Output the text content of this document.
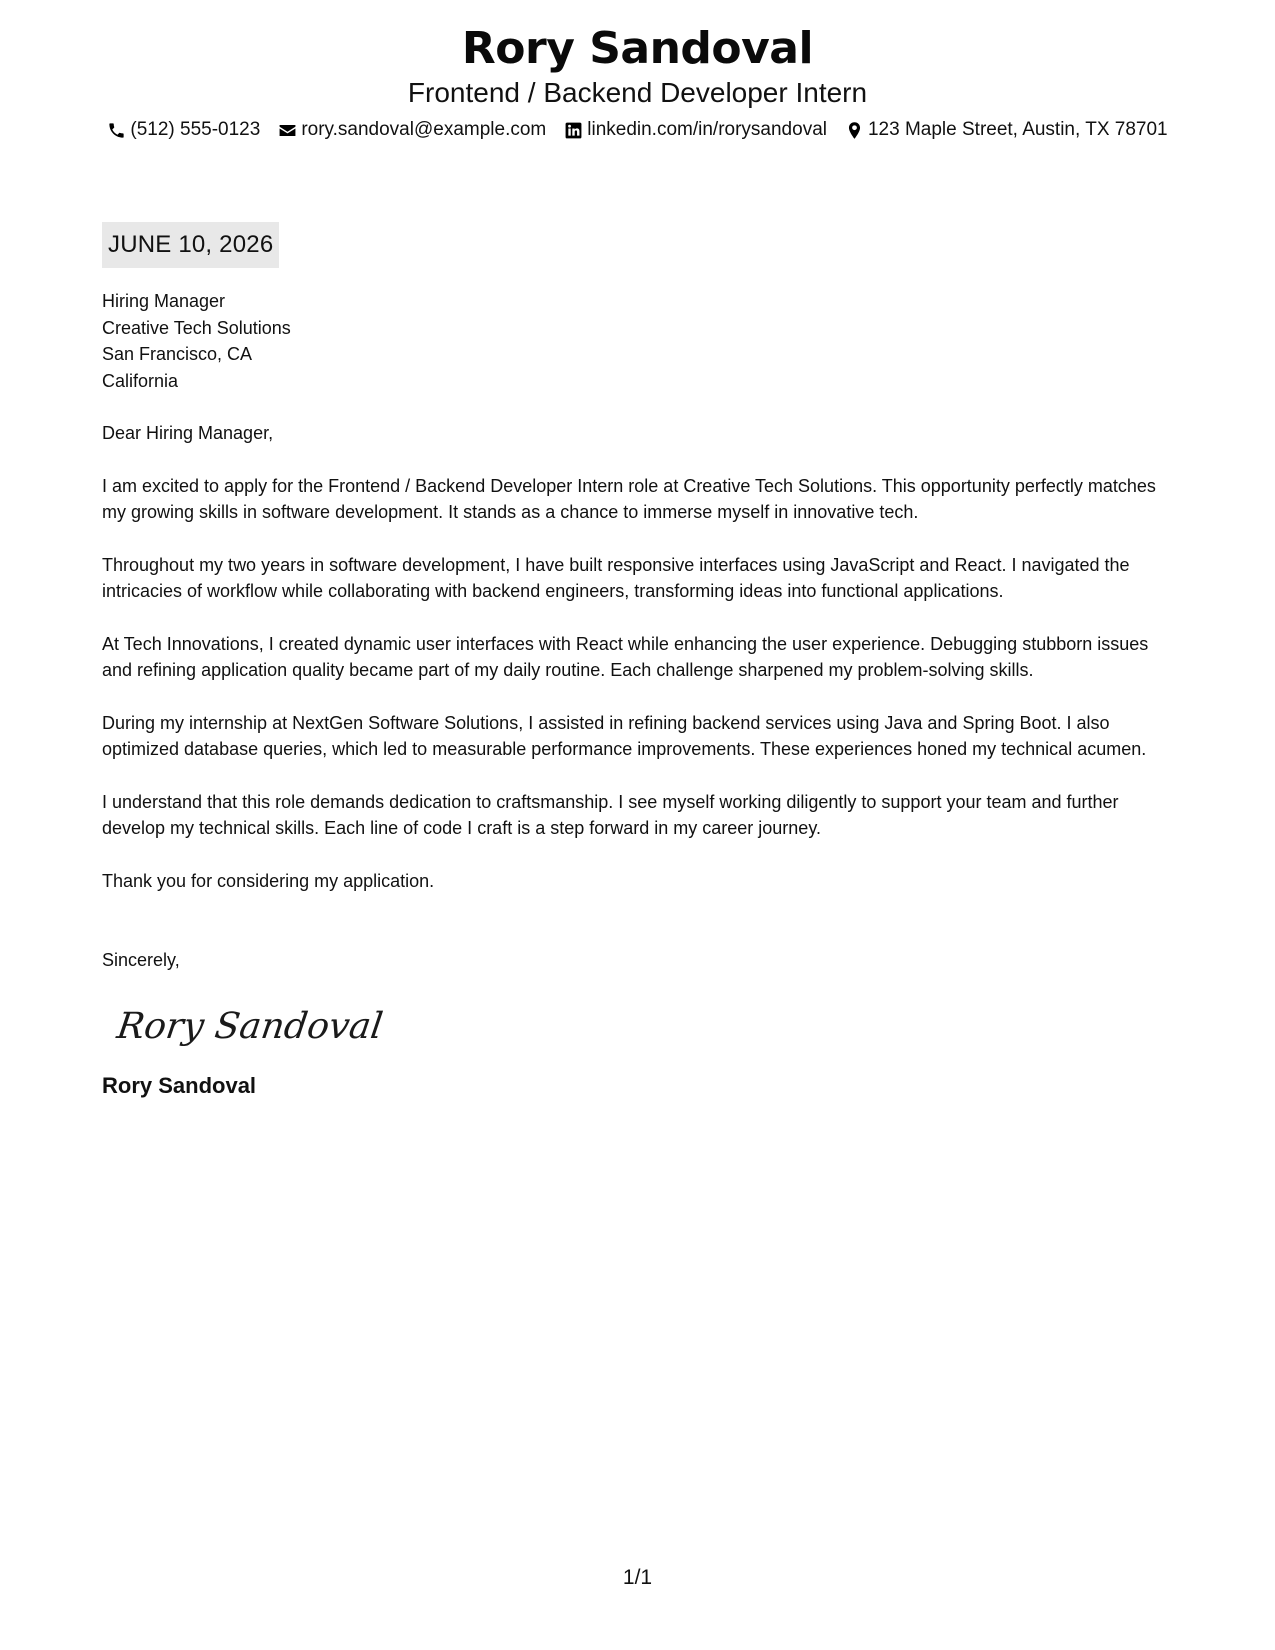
Rory Sandoval
Frontend / Backend Developer Intern
(512) 555-0123 rory.sandoval@example.com linkedin.com/in/rorysandoval 123 Maple Street, Austin, TX 78701
JUNE 10, 2026
Hiring Manager
Creative Tech Solutions
San Francisco, CA
California
Dear Hiring Manager,
I am excited to apply for the Frontend / Backend Developer Intern role at Creative Tech Solutions. This opportunity perfectly matches my growing skills in software development. It stands as a chance to immerse myself in innovative tech.
Throughout my two years in software development, I have built responsive interfaces using JavaScript and React. I navigated the intricacies of workflow while collaborating with backend engineers, transforming ideas into functional applications.
At Tech Innovations, I created dynamic user interfaces with React while enhancing the user experience. Debugging stubborn issues and refining application quality became part of my daily routine. Each challenge sharpened my problem-solving skills.
During my internship at NextGen Software Solutions, I assisted in refining backend services using Java and Spring Boot. I also optimized database queries, which led to measurable performance improvements. These experiences honed my technical acumen.
I understand that this role demands dedication to craftsmanship. I see myself working diligently to support your team and further develop my technical skills. Each line of code I craft is a step forward in my career journey.
Thank you for considering my application.
Sincerely,
Rory Sandoval
Rory Sandoval
1/1
